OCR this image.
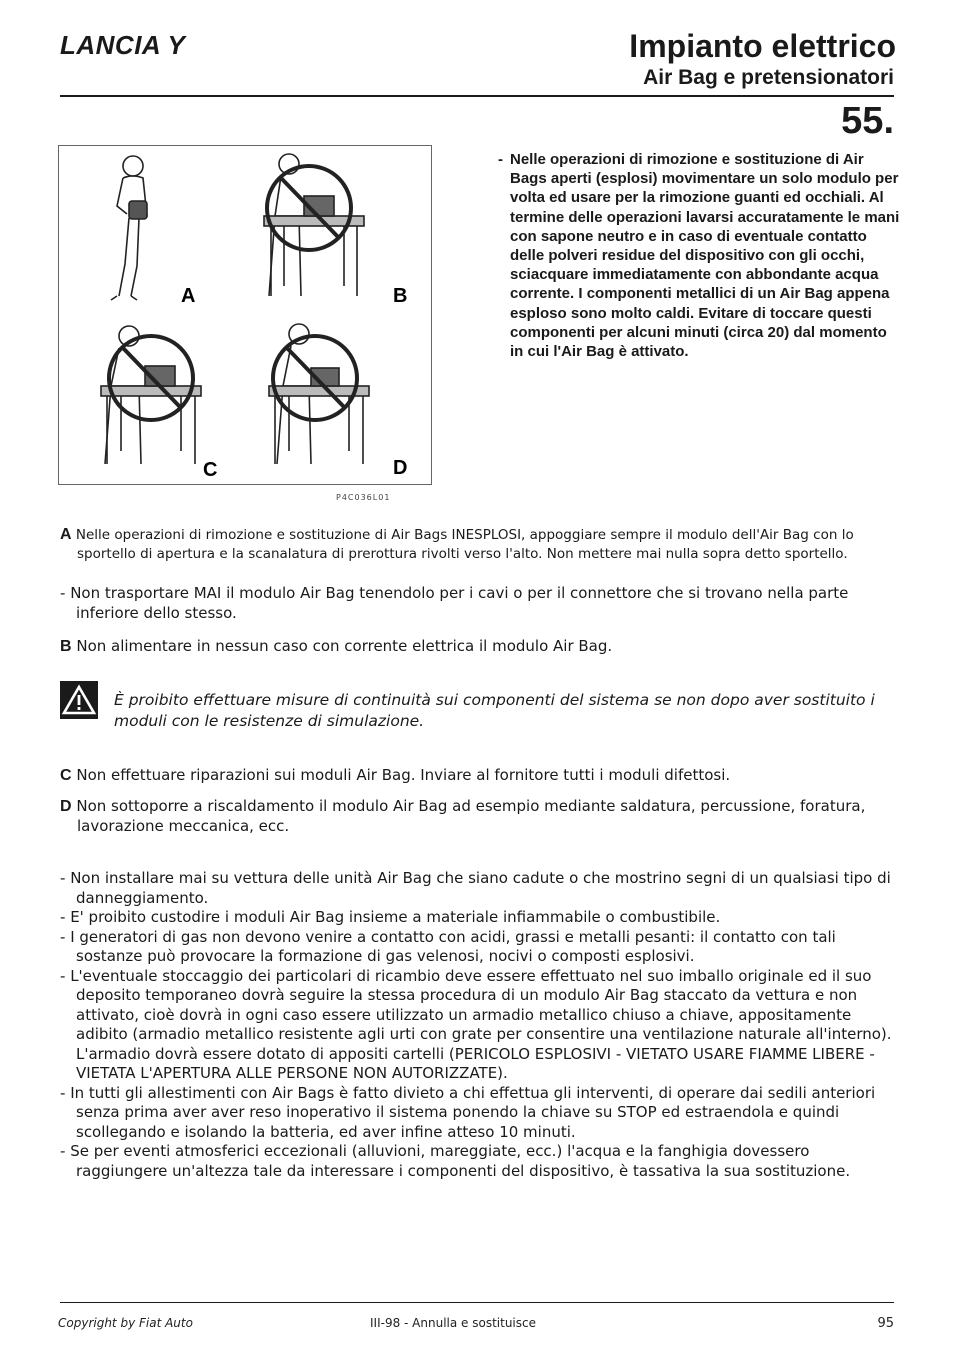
LANCIA Y	Impianto elettrico
Air Bag e pretensionatori
55.
A	B
C	D
P4C036L01
- Nelle operazioni di rimozione e sostituzione di Air Bags aperti (esplosi) movimentare un solo modulo per volta ed usare per la rimozione guanti ed occhiali. Al termine delle operazioni lavarsi accuratamente le mani con sapone neutro e in caso di eventuale contatto delle polveri residue del dispositivo con gli occhi, sciacquare immediatamente con abbondante acqua corrente. I componenti metallici di un Air Bag appena esploso sono molto caldi. Evitare di toccare questi componenti per alcuni minuti (circa 20) dal momento in cui l'Air Bag è attivato.
A Nelle operazioni di rimozione e sostituzione di Air Bags INESPLOSI, appoggiare sempre il modulo dell'Air Bag con lo sportello di apertura e la scanalatura di prerottura rivolti verso l'alto. Non mettere mai nulla sopra detto sportello.
- Non trasportare MAI il modulo Air Bag tenendolo per i cavi o per il connettore che si trovano nella parte inferiore dello stesso.
B Non alimentare in nessun caso con corrente elettrica il modulo Air Bag.
È proibito effettuare misure di continuità sui componenti del sistema se non dopo aver sostituito i moduli con le resistenze di simulazione.
C Non effettuare riparazioni sui moduli Air Bag. Inviare al fornitore tutti i moduli difettosi.
D Non sottoporre a riscaldamento il modulo Air Bag ad esempio mediante saldatura, percussione, foratura, lavorazione meccanica, ecc.
- Non installare mai su vettura delle unità Air Bag che siano cadute o che mostrino segni di un qualsiasi tipo di danneggiamento.
- E' proibito custodire i moduli Air Bag insieme a materiale infiammabile o combustibile.
- I generatori di gas non devono venire a contatto con acidi, grassi e metalli pesanti: il contatto con tali sostanze può provocare la formazione di gas velenosi, nocivi o composti esplosivi.
- L'eventuale stoccaggio dei particolari di ricambio deve essere effettuato nel suo imballo originale ed il suo deposito temporaneo dovrà seguire la stessa procedura di un modulo Air Bag staccato da vettura e non attivato, cioè dovrà in ogni caso essere utilizzato un armadio metallico chiuso a chiave, appositamente adibito (armadio metallico resistente agli urti con grate per consentire una ventilazione naturale all'interno). L'armadio dovrà essere dotato di appositi cartelli (PERICOLO ESPLOSIVI - VIETATO USARE FIAMME LIBERE - VIETATA L'APERTURA ALLE PERSONE NON AUTORIZZATE).
- In tutti gli allestimenti con Air Bags è fatto divieto a chi effettua gli interventi, di operare dai sedili anteriori senza prima aver aver reso inoperativo il sistema ponendo la chiave su STOP ed estraendola e quindi scollegando e isolando la batteria, ed aver infine atteso 10 minuti.
- Se per eventi atmosferici eccezionali (alluvioni, mareggiate, ecc.) l'acqua e la fanghigia dovessero raggiungere un'altezza tale da interessare i componenti del dispositivo, è tassativa la sua sostituzione.
Copyright by Fiat Auto	III-98 - Annulla e sostituisce	95
